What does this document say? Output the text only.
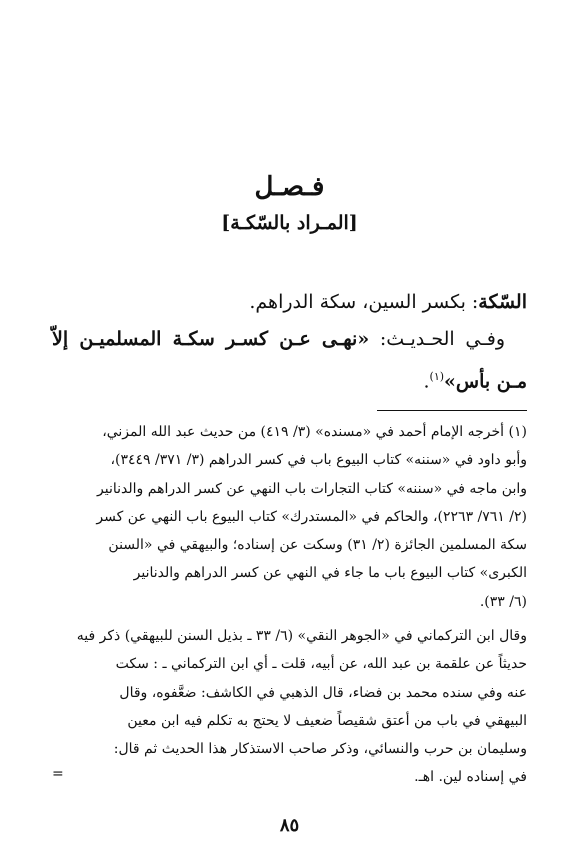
فـصـل
[المـراد بالسّكـة]
السّكة: بكسر السين، سكة الدراهم.
وفـي الحـديـث: «نهـى عـن كسـر سكـة المسلميـن إلاّ مـن بأس»$^{(١)}$.
(١) أخرجه الإمام أحمد في «مسنده» (٣/ ٤١٩) من حديث عبد الله المزني،
وأبو داود في «سننه» كتاب البيوع باب في كسر الدراهم (٣/ ٣٧١/ ٣٤٤٩)،
وابن ماجه في «سننه» كتاب التجارات باب النهي عن كسر الدراهم والدنانير
(٢/ ٧٦١/ ٢٢٦٣)، والحاكم في «المستدرك» كتاب البيوع باب النهي عن كسر
سكة المسلمين الجائزة (٢/ ٣١) وسكت عن إسناده؛ والبيهقي في «السنن
الكبرى» كتاب البيوع باب ما جاء في النهي عن كسر الدراهم والدنانير
(٦/ ٣٣).
وقال ابن التركماني في «الجوهر النقي» (٦/ ٣٣ ـ بذيل السنن للبيهقي) ذكر فيه
حديثاً عن علقمة بن عبد الله، عن أبيه، قلت ـ أي ابن التركماني ـ : سكت
عنه وفي سنده محمد بن فضاء، قال الذهبي في الكاشف: ضعَّفوه، وقال
البيهقي في باب من أعتق شقيصاً ضعيف لا يحتج به تكلم فيه ابن معين
وسليمان بن حرب والنسائي، وذكر صاحب الاستذكار هذا الحديث ثم قال:
في إسناده لين. اهـ.
=
٨٥
